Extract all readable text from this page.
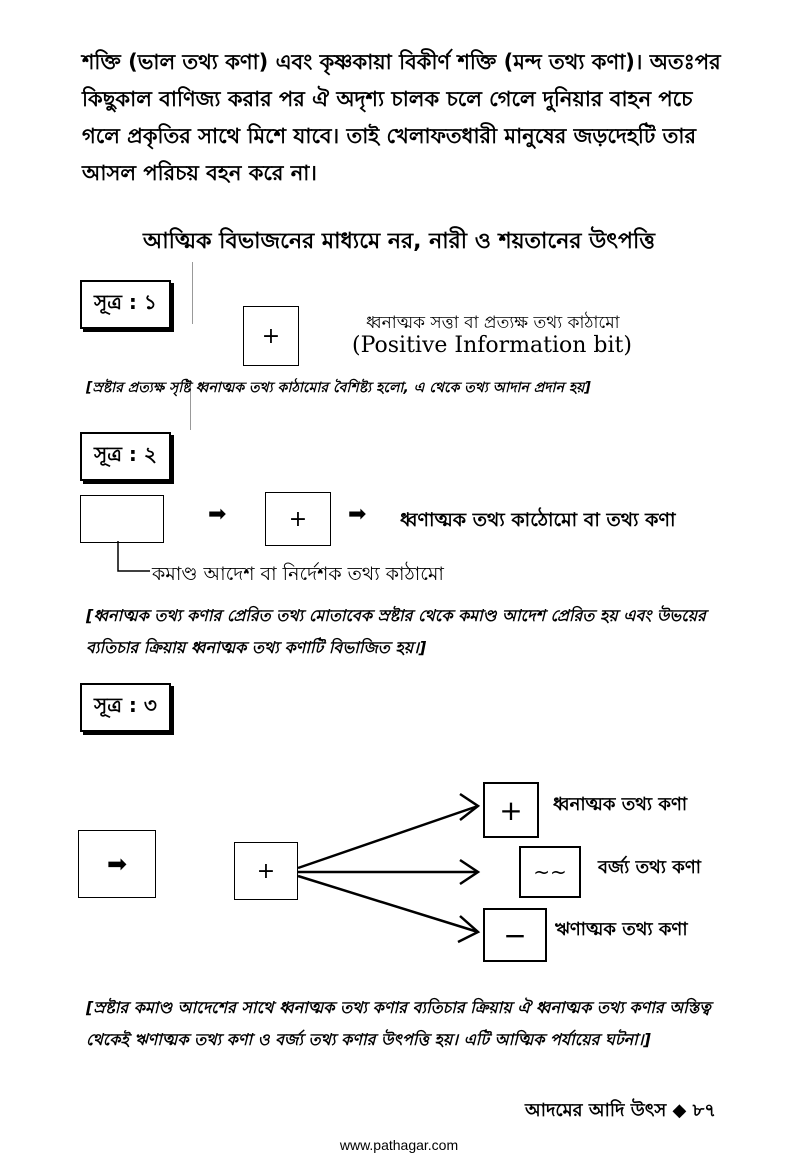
শক্তি (ভাল তথ্য কণা) এবং কৃষ্ণকায়া বিকীর্ণ শক্তি (মন্দ তথ্য কণা)। অতঃপর কিছুকাল বাণিজ্য করার পর ঐ অদৃশ্য চালক চলে গেলে দুনিয়ার বাহন পচে গলে প্রকৃতির সাথে মিশে যাবে। তাই খেলাফতধারী মানুষের জড়দেহটি তার আসল পরিচয় বহন করে না।
আত্মিক বিভাজনের মাধ্যমে নর, নারী ও শয়তানের উৎপত্তি
সূত্র : ১
+
ধ্বনাত্মক সত্তা বা প্রত্যক্ষ তথ্য কাঠামো
(Positive Information bit)
[স্রষ্টার প্রত্যক্ষ সৃষ্টি ধ্বনাত্মক তথ্য কাঠামোর বৈশিষ্ট্য হলো, এ থেকে তথ্য আদান প্রদান হয়]
সূত্র : ২
➡	+	➡ ধ্বণাত্মক তথ্য কাঠোমো বা তথ্য কণা
কমাণ্ড আদেশ বা নির্দেশক তথ্য কাঠামো
[ধ্বনাত্মক তথ্য কণার প্রেরিত তথ্য মোতাবেক স্রষ্টার থেকে কমাণ্ড আদেশ প্রেরিত হয় এবং উভয়ের ব্যতিচার ক্রিয়ায় ধ্বনাত্মক তথ্য কণাটি বিভাজিত হয়।]
সূত্র : ৩
➡	+
+	ধ্বনাত্মক তথ্য কণা
~~	বর্জ্য তথ্য কণা
−	ঋণাত্মক তথ্য কণা
[স্রষ্টার কমাণ্ড আদেশের সাথে ধ্বনাত্মক তথ্য কণার ব্যতিচার ক্রিয়ায় ঐ ধ্বনাত্মক তথ্য কণার অস্তিত্ব থেকেই ঋণাত্মক তথ্য কণা ও বর্জ্য তথ্য কণার উৎপত্তি হয়। এটি আত্মিক পর্যায়ের ঘটনা।]
আদমের আদি উৎস ◆ ৮৭
www.pathagar.com
